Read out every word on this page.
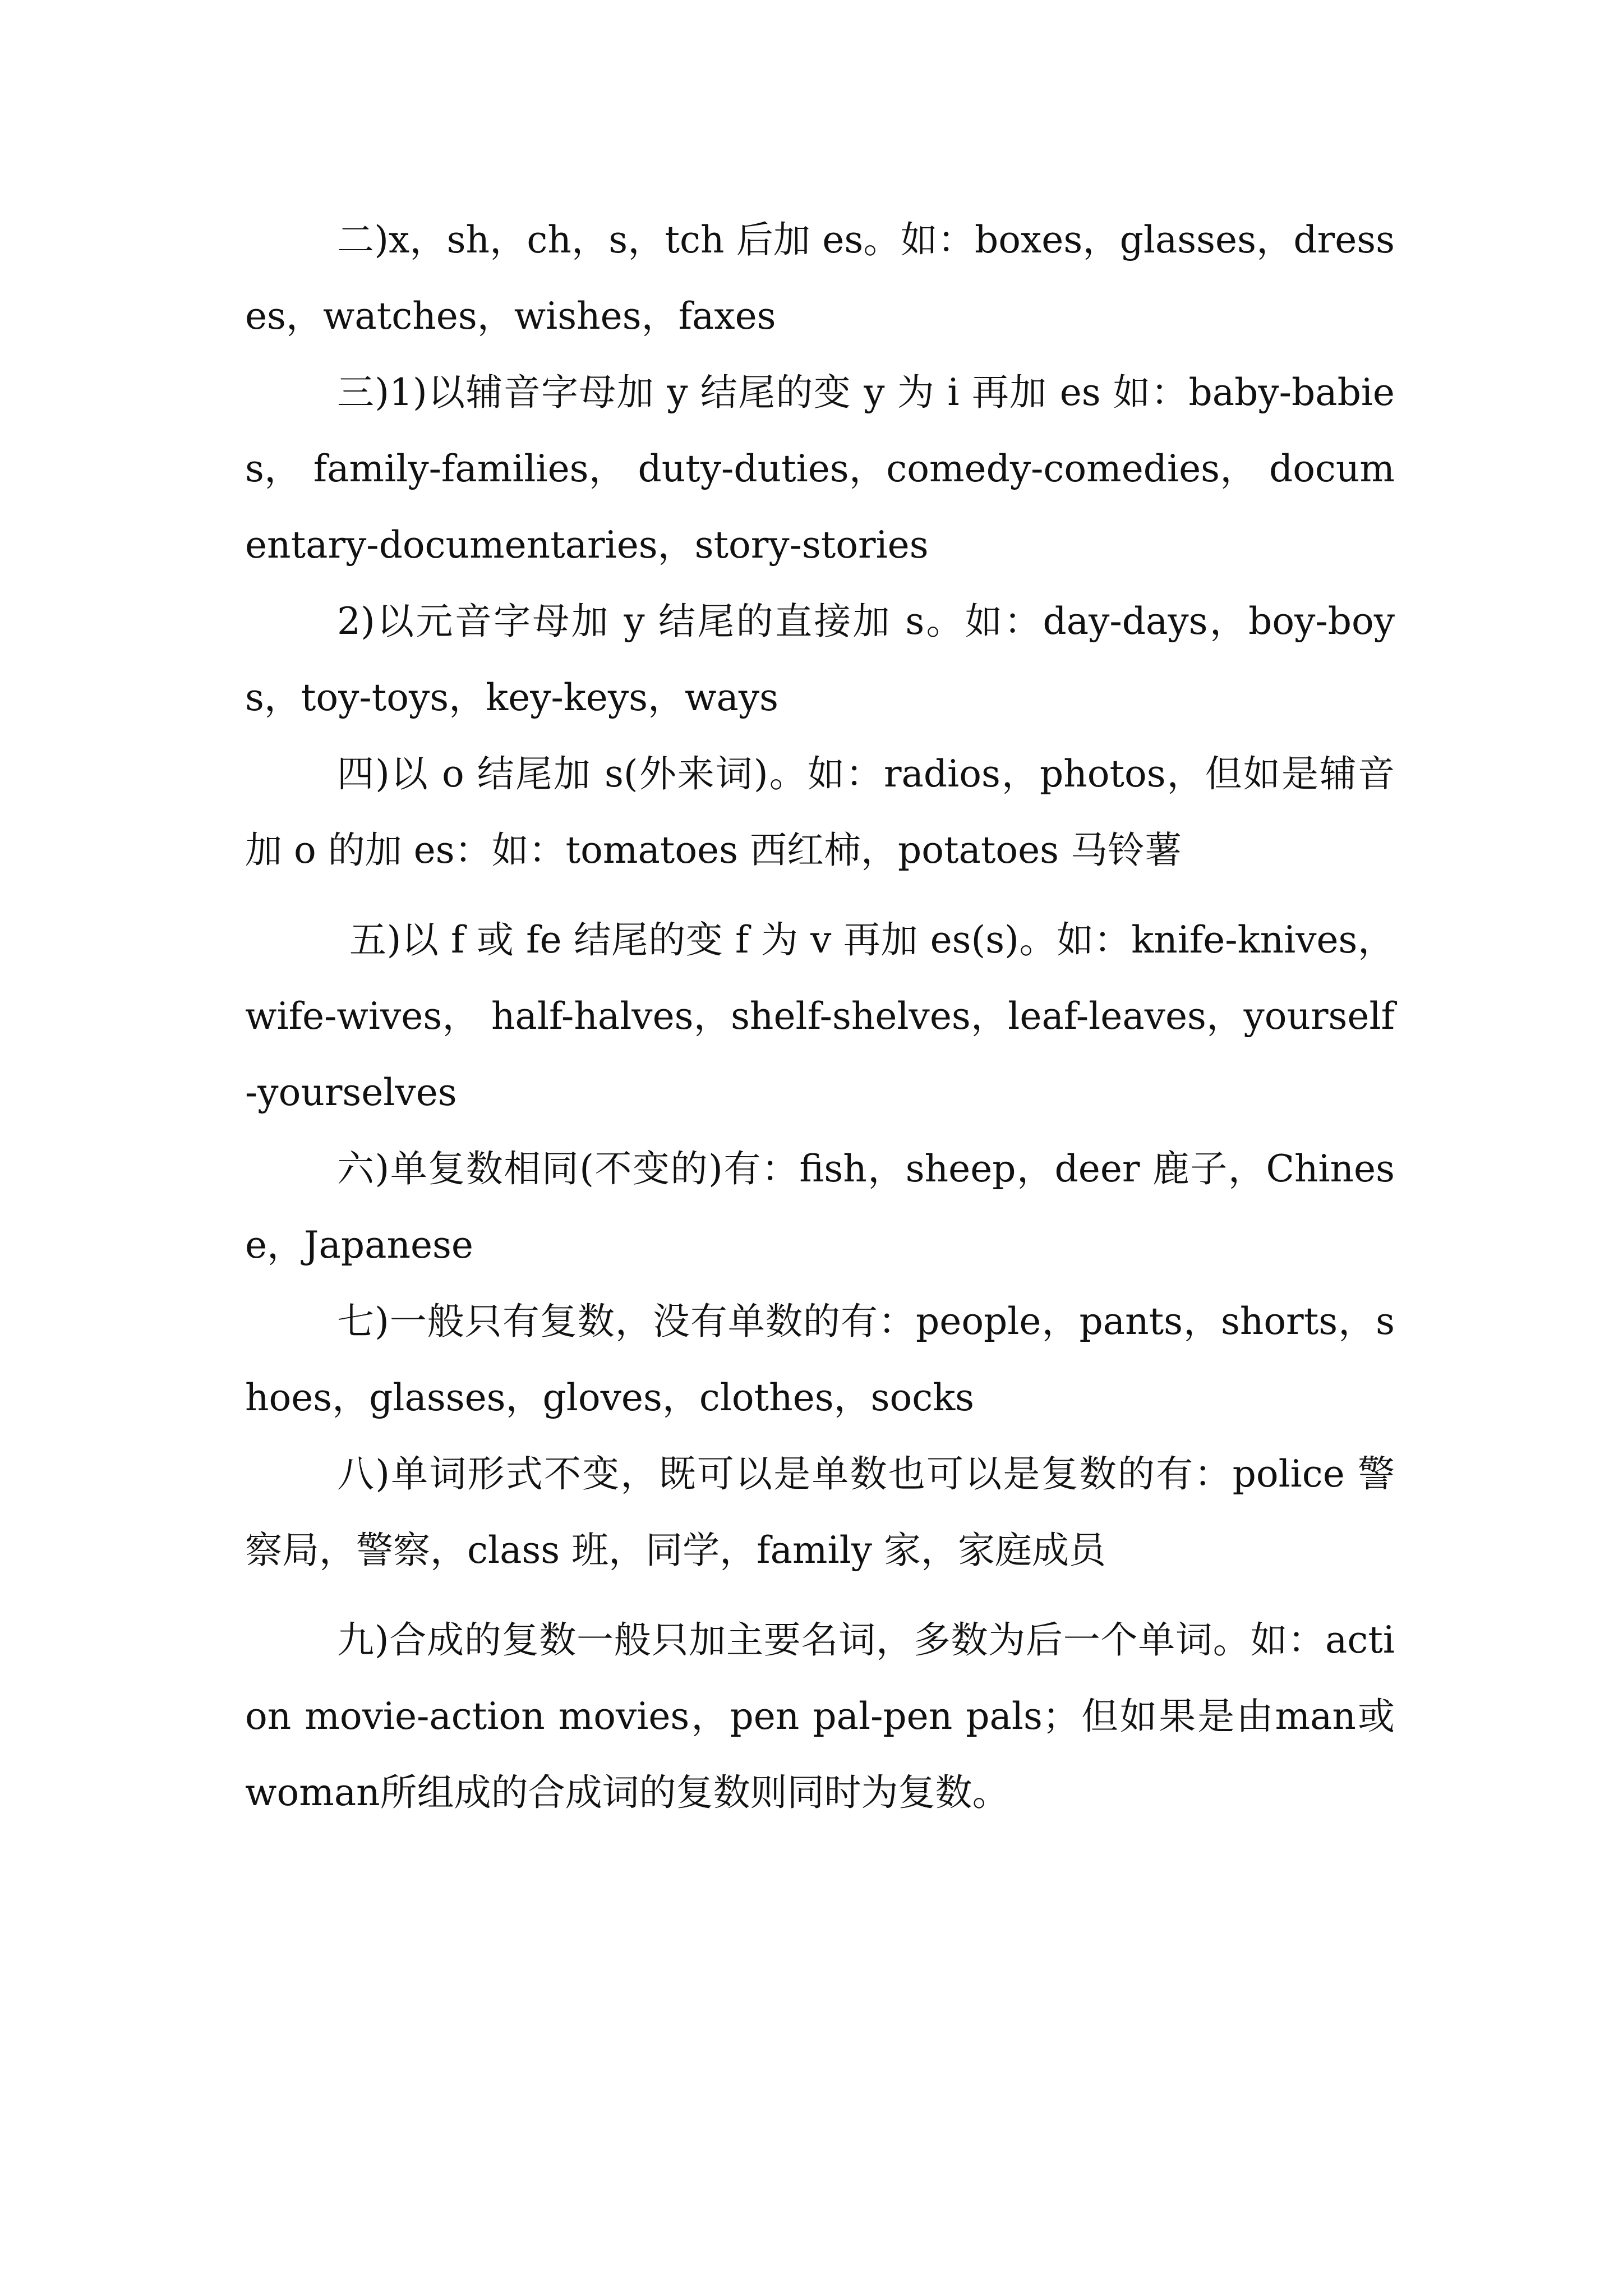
二)x，sh，ch，s，tch 后加 es。如：boxes，glasses，dresses，watches，wishes，faxes

三)1)以辅音字母加 y 结尾的变 y 为 i 再加 es 如：baby-babies， family-families， duty-duties，comedy-comedies， documentary-documentaries，story-stories

2)以元音字母加 y 结尾的直接加 s。如：day-days，boy-boys，toy-toys，key-keys，ways

四)以 o 结尾加 s(外来词)。如：radios，photos，但如是辅音加 o 的加 es：如：tomatoes 西红柿，potatoes 马铃薯

五)以 f 或 fe 结尾的变 f 为 v 再加 es(s)。如：knife-knives， wife-wives， half-halves，shelf-shelves，leaf-leaves，yourself-yourselves

六)单复数相同(不变的)有：fish，sheep，deer 鹿子，Chinese，Japanese

七)一般只有复数，没有单数的有：people，pants，shorts，shoes，glasses，gloves，clothes，socks

八)单词形式不变，既可以是单数也可以是复数的有：police 警察局，警察，class 班，同学，family 家，家庭成员

九)合成的复数一般只加主要名词，多数为后一个单词。如：action movie-action movies，pen pal-pen pals；但如果是由man或woman所组成的合成词的复数则同时为复数。
